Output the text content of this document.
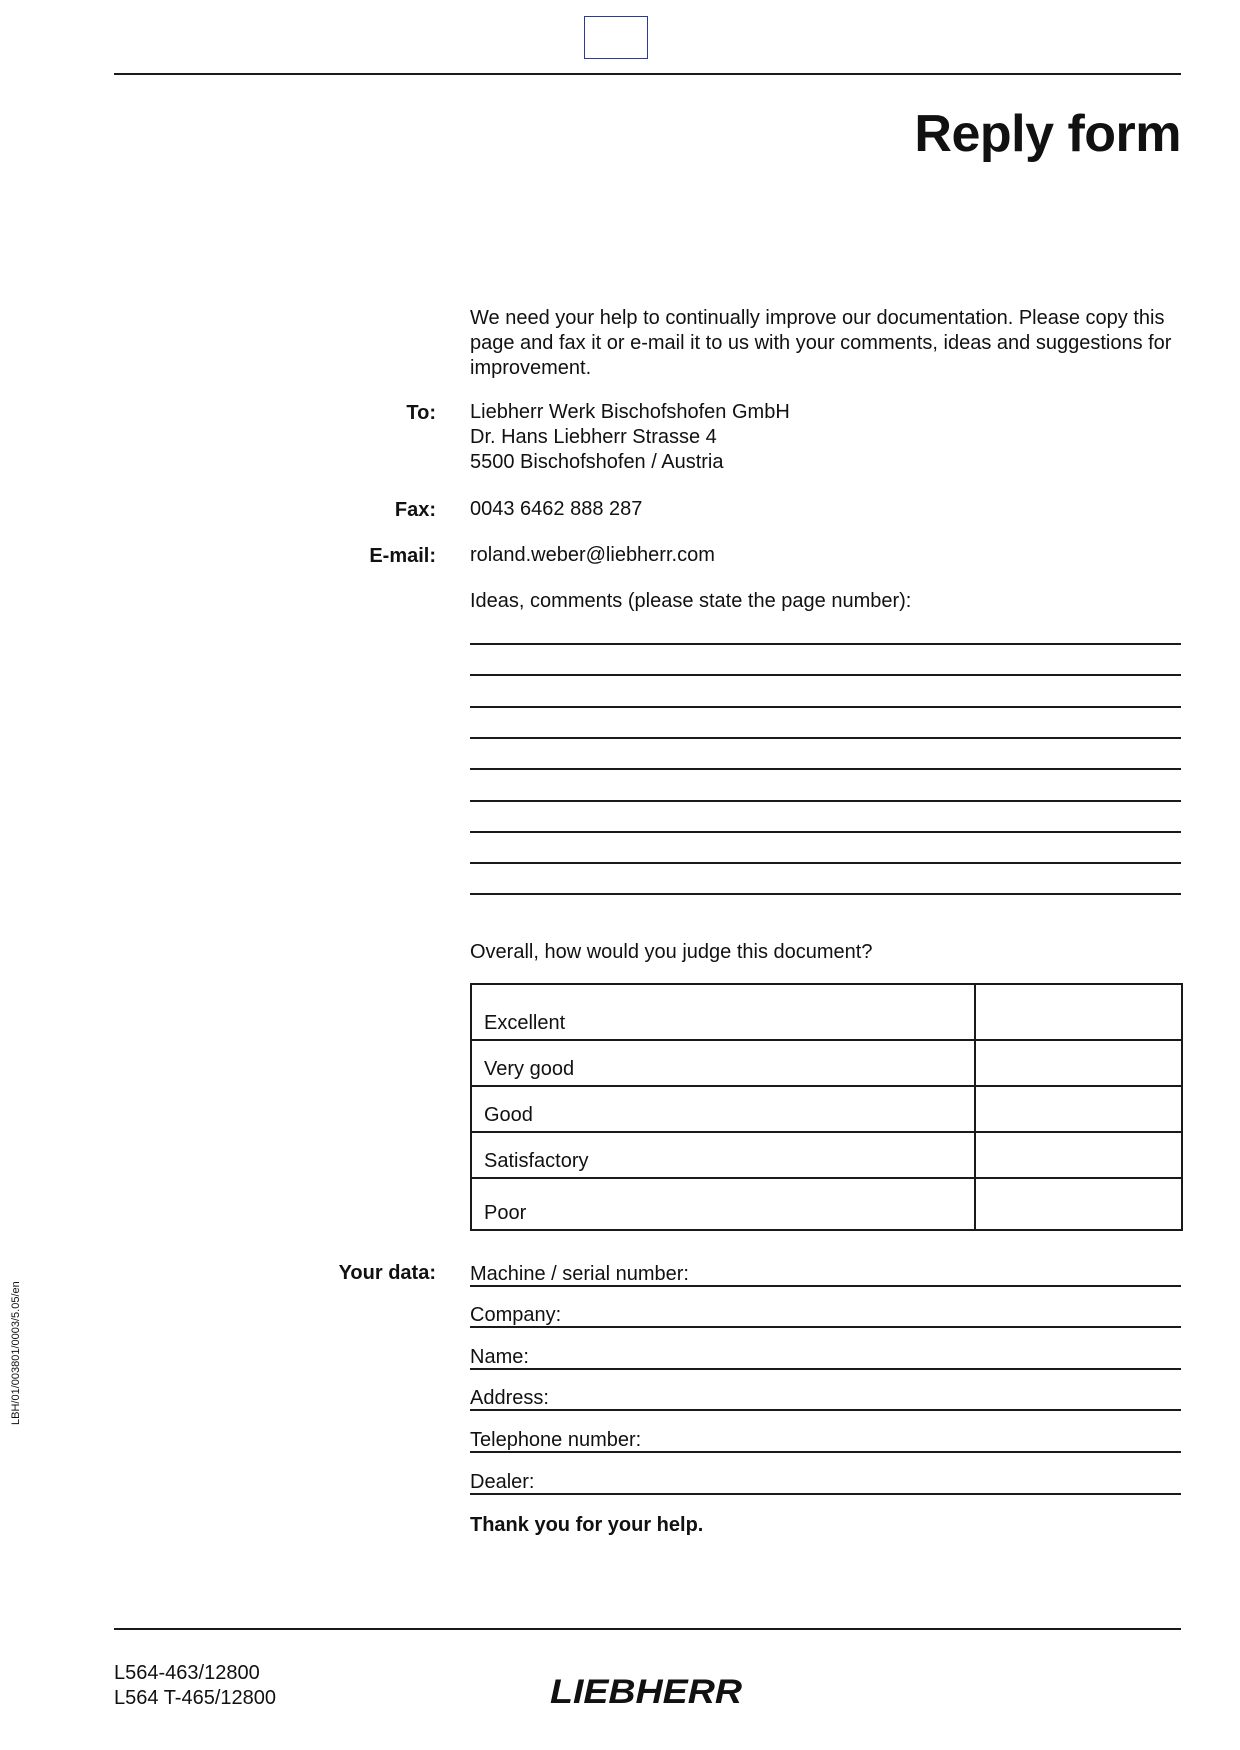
Reply form

We need your help to continually improve our documentation. Please copy this page and fax it or e-mail it to us with your comments, ideas and suggestions for improvement.

To: Liebherr Werk Bischofshofen GmbH
Dr. Hans Liebherr Strasse 4
5500 Bischofshofen / Austria
Fax: 0043 6462 888 287
E-mail: roland.weber@liebherr.com
Ideas, comments (please state the page number):
Overall, how would you judge this document?
Excellent
Very good
Good
Satisfactory
Poor
Your data: Machine / serial number:
Company:
Name:
Address:
Telephone number:
Dealer:
Thank you for your help.
LBH/01/003801/0003/5.05/en
L564-463/12800
L564 T-465/12800	LIEBHERR
